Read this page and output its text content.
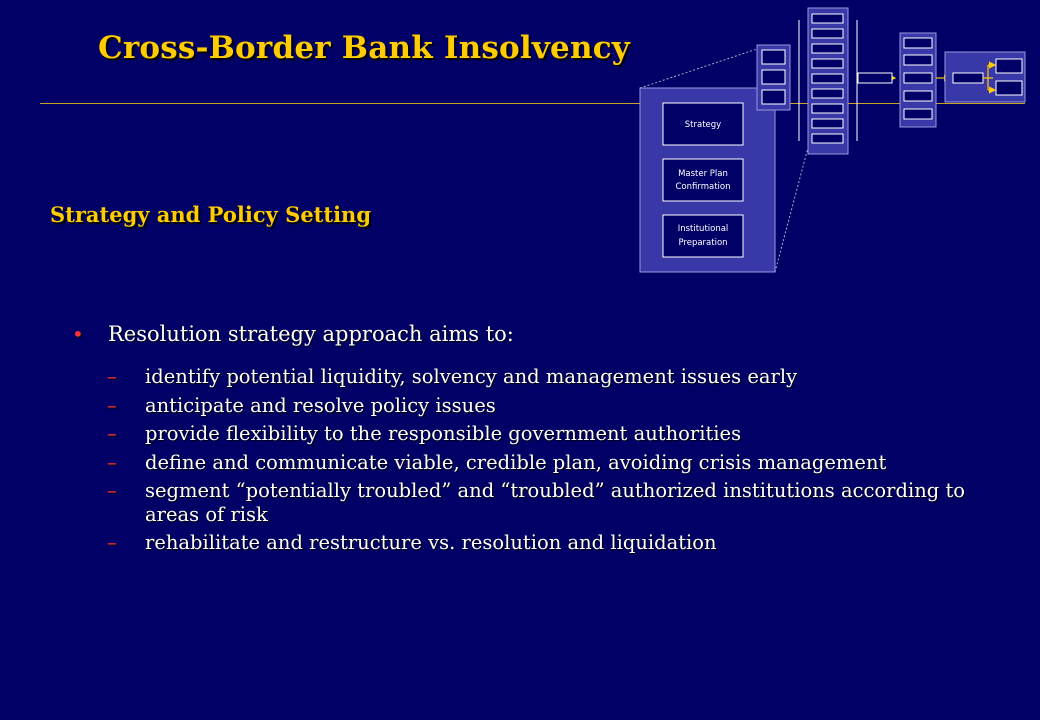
Cross-Border Bank Insolvency
Strategy and Policy Setting
• Resolution strategy approach aims to:
– identify potential liquidity, solvency and management issues early
– anticipate and resolve policy issues
– provide flexibility to the responsible government authorities
– define and communicate viable, credible plan, avoiding crisis management
– segment “potentially troubled” and “troubled” authorized institutions according to areas of risk
– rehabilitate and restructure vs. resolution and liquidation
Strategy
Master Plan
Confirmation
Institutional
Preparation
